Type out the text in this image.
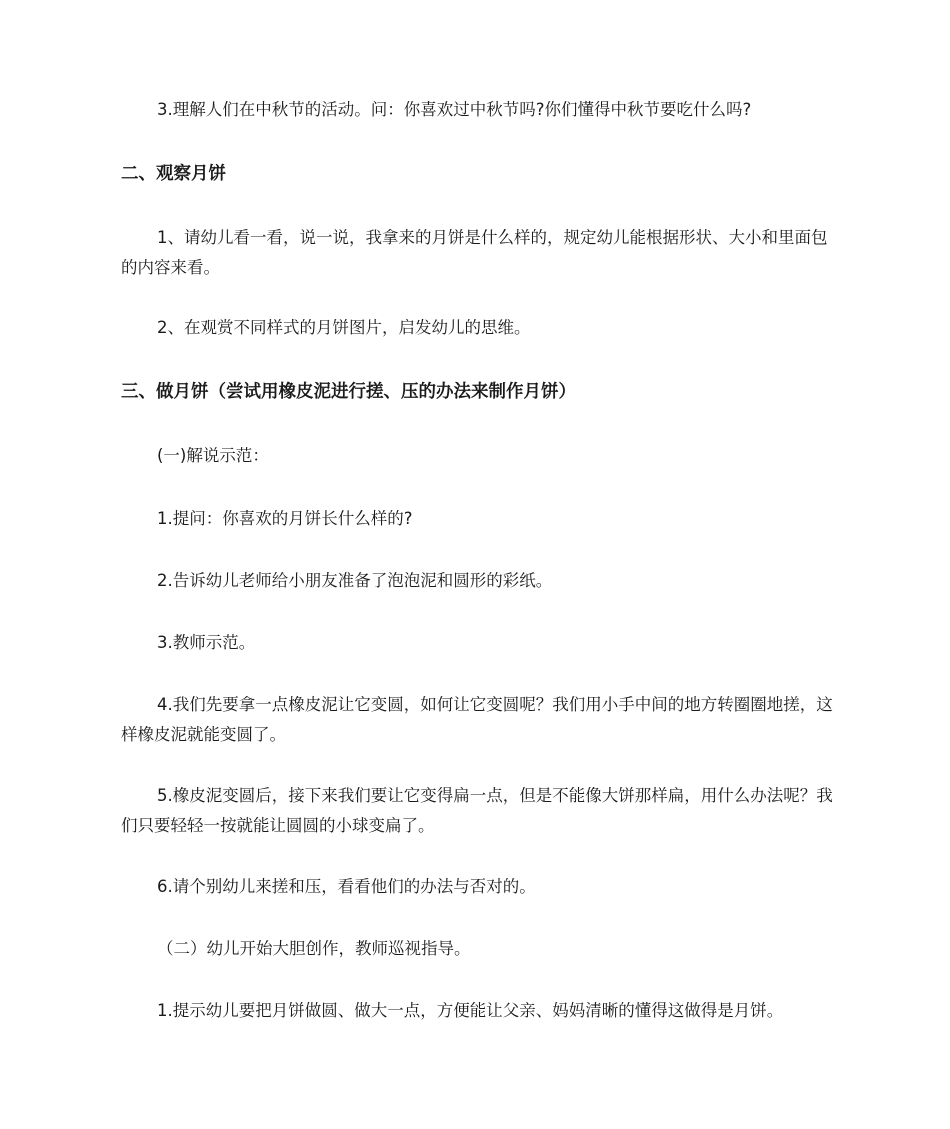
3.理解人们在中秋节的活动。问：你喜欢过中秋节吗?你们懂得中秋节要吃什么吗?

二、观察月饼

1、请幼儿看一看，说一说，我拿来的月饼是什么样的，规定幼儿能根据形状、大小和里面包的内容来看。

2、在观赏不同样式的月饼图片，启发幼儿的思维。

三、做月饼（尝试用橡皮泥进行搓、压的办法来制作月饼）

(一)解说示范：

1.提问：你喜欢的月饼长什么样的?

2.告诉幼儿老师给小朋友准备了泡泡泥和圆形的彩纸。

3.教师示范。

4.我们先要拿一点橡皮泥让它变圆，如何让它变圆呢？我们用小手中间的地方转圈圈地搓，这样橡皮泥就能变圆了。

5.橡皮泥变圆后，接下来我们要让它变得扁一点，但是不能像大饼那样扁，用什么办法呢？我们只要轻轻一按就能让圆圆的小球变扁了。

6.请个别幼儿来搓和压，看看他们的办法与否对的。

（二）幼儿开始大胆创作，教师巡视指导。

1.提示幼儿要把月饼做圆、做大一点，方便能让父亲、妈妈清晰的懂得这做得是月饼。
